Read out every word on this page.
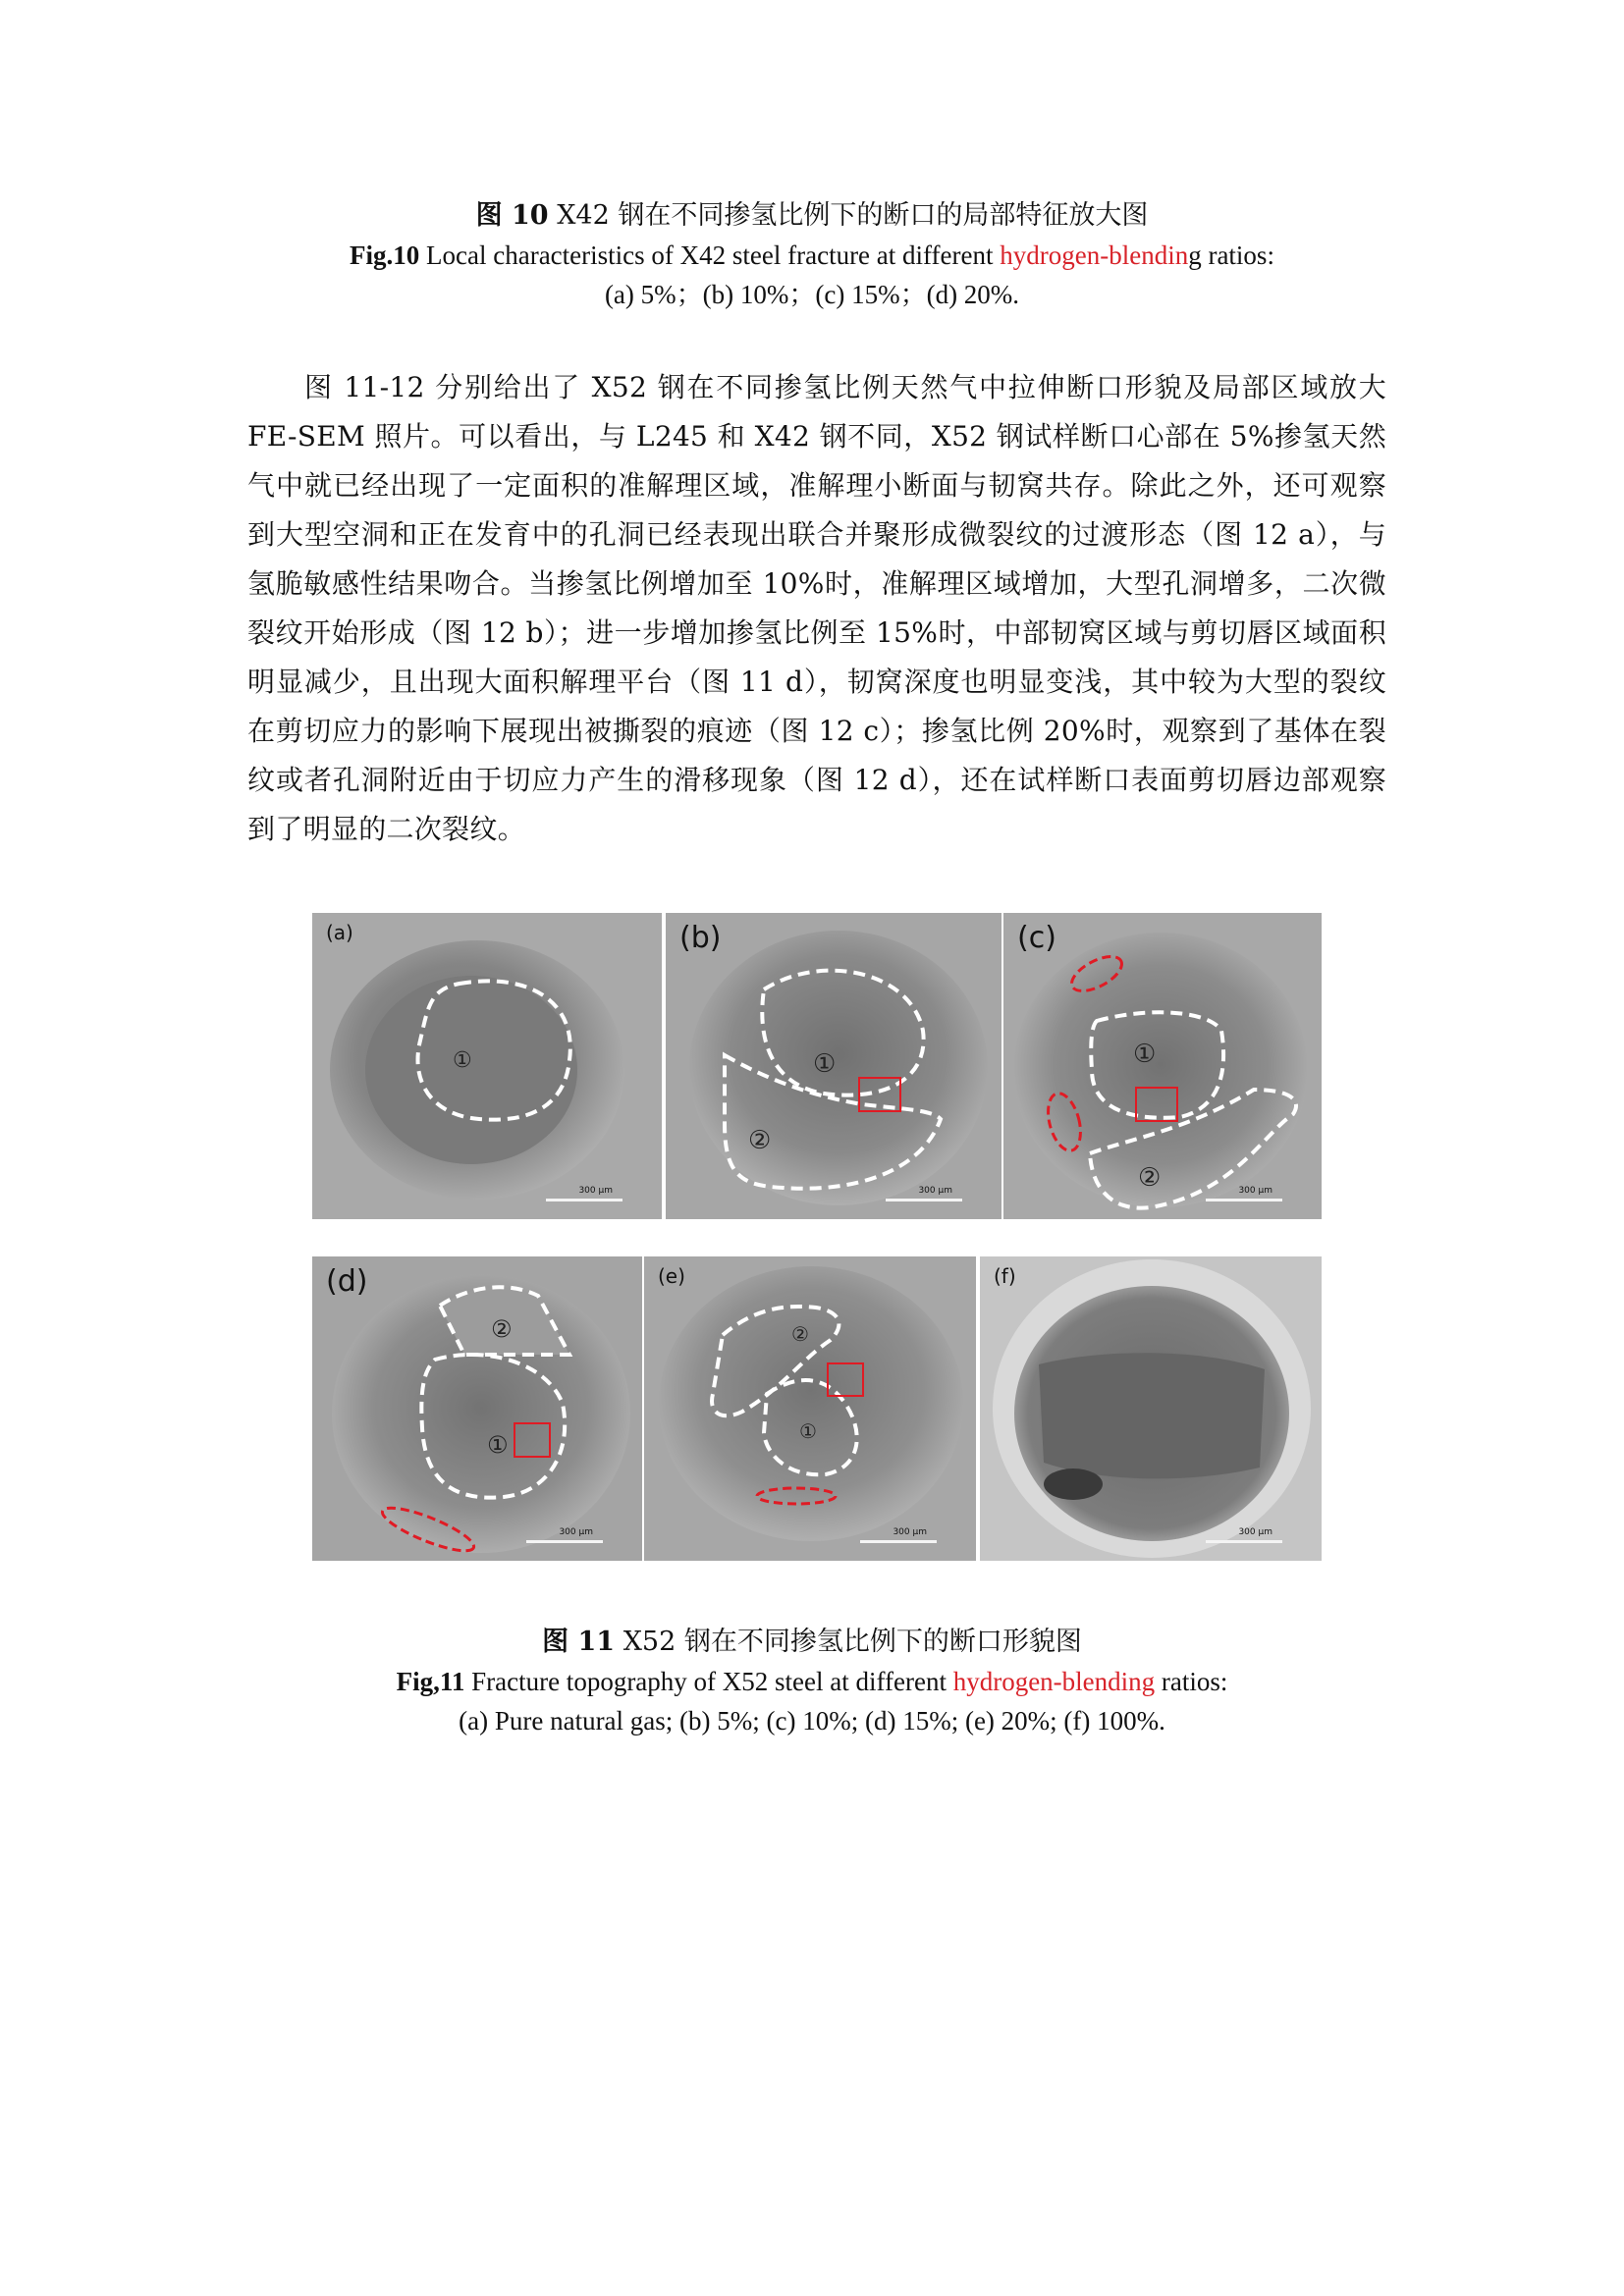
图 10 X42 钢在不同掺氢比例下的断口的局部特征放大图
Fig.10 Local characteristics of X42 steel fracture at different hydrogen-blending ratios:
(a) 5%；(b) 10%；(c) 15%；(d) 20%.
图 11-12 分别给出了 X52 钢在不同掺氢比例天然气中拉伸断口形貌及局部区域放大 FE-SEM 照片。可以看出，与 L245 和 X42 钢不同，X52 钢试样断口心部在 5%掺氢天然气中就已经出现了一定面积的准解理区域，准解理小断面与韧窝共存。除此之外，还可观察到大型空洞和正在发育中的孔洞已经表现出联合并聚形成微裂纹的过渡形态（图 12 a），与氢脆敏感性结果吻合。当掺氢比例增加至 10%时，准解理区域增加，大型孔洞增多，二次微裂纹开始形成（图 12 b）；进一步增加掺氢比例至 15%时，中部韧窝区域与剪切唇区域面积明显减少，且出现大面积解理平台（图 11 d），韧窝深度也明显变浅，其中较为大型的裂纹在剪切应力的影响下展现出被撕裂的痕迹（图 12 c）；掺氢比例 20%时，观察到了基体在裂纹或者孔洞附近由于切应力产生的滑移现象（图 12 d），还在试样断口表面剪切唇边部观察到了明显的二次裂纹。
①
(a)
300 μm
①
②
(b)
300 μm
①
②
(c)
300 μm
②
①
(d)
300 μm
②
①
(e)
300 μm
(f)
300 μm
图 11 X52 钢在不同掺氢比例下的断口形貌图
Fig,11 Fracture topography of X52 steel at different hydrogen-blending ratios:
(a) Pure natural gas; (b) 5%; (c) 10%; (d) 15%; (e) 20%; (f) 100%.
